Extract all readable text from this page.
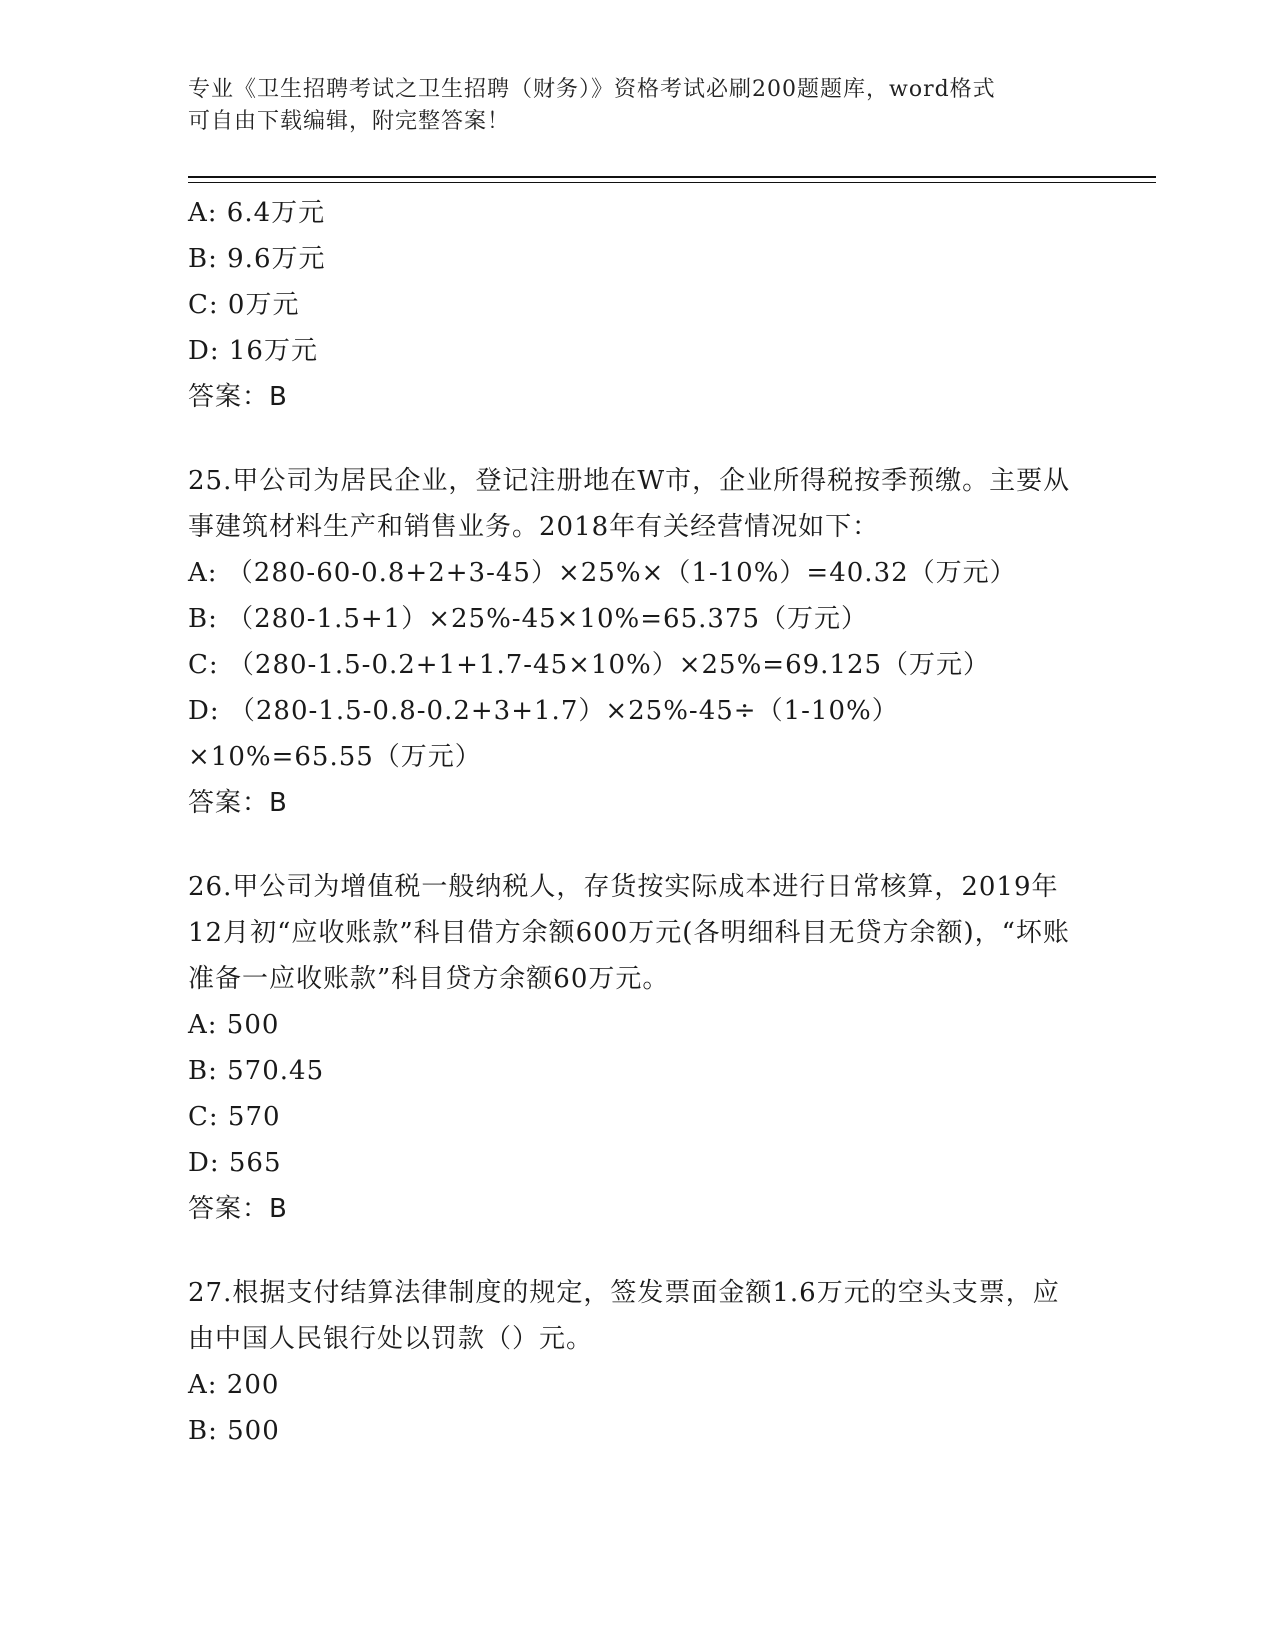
专业《卫生招聘考试之卫生招聘（财务）》资格考试必刷200题题库，word格式
可自由下载编辑，附完整答案！
A: 6.4万元
B: 9.6万元
C: 0万元
D: 16万元
答案：B
25.甲公司为居民企业，登记注册地在W市，企业所得税按季预缴。主要从事建筑材料生产和销售业务。2018年有关经营情况如下：
A: （280-60-0.8+2+3-45）×25%×（1-10%）=40.32（万元）
B: （280-1.5+1）×25%-45×10%=65.375（万元）
C: （280-1.5-0.2+1+1.7-45×10%）×25%=69.125（万元）
D: （280-1.5-0.8-0.2+3+1.7）×25%-45÷（1-10%）×10%=65.55（万元）
答案：B
26.甲公司为增值税一般纳税人，存货按实际成本进行日常核算，2019年12月初“应收账款”科目借方余额600万元(各明细科目无贷方余额)，“坏账准备一应收账款”科目贷方余额60万元。
A: 500
B: 570.45
C: 570
D: 565
答案：B
27.根据支付结算法律制度的规定，签发票面金额1.6万元的空头支票，应由中国人民银行处以罚款（）元。
A: 200
B: 500
